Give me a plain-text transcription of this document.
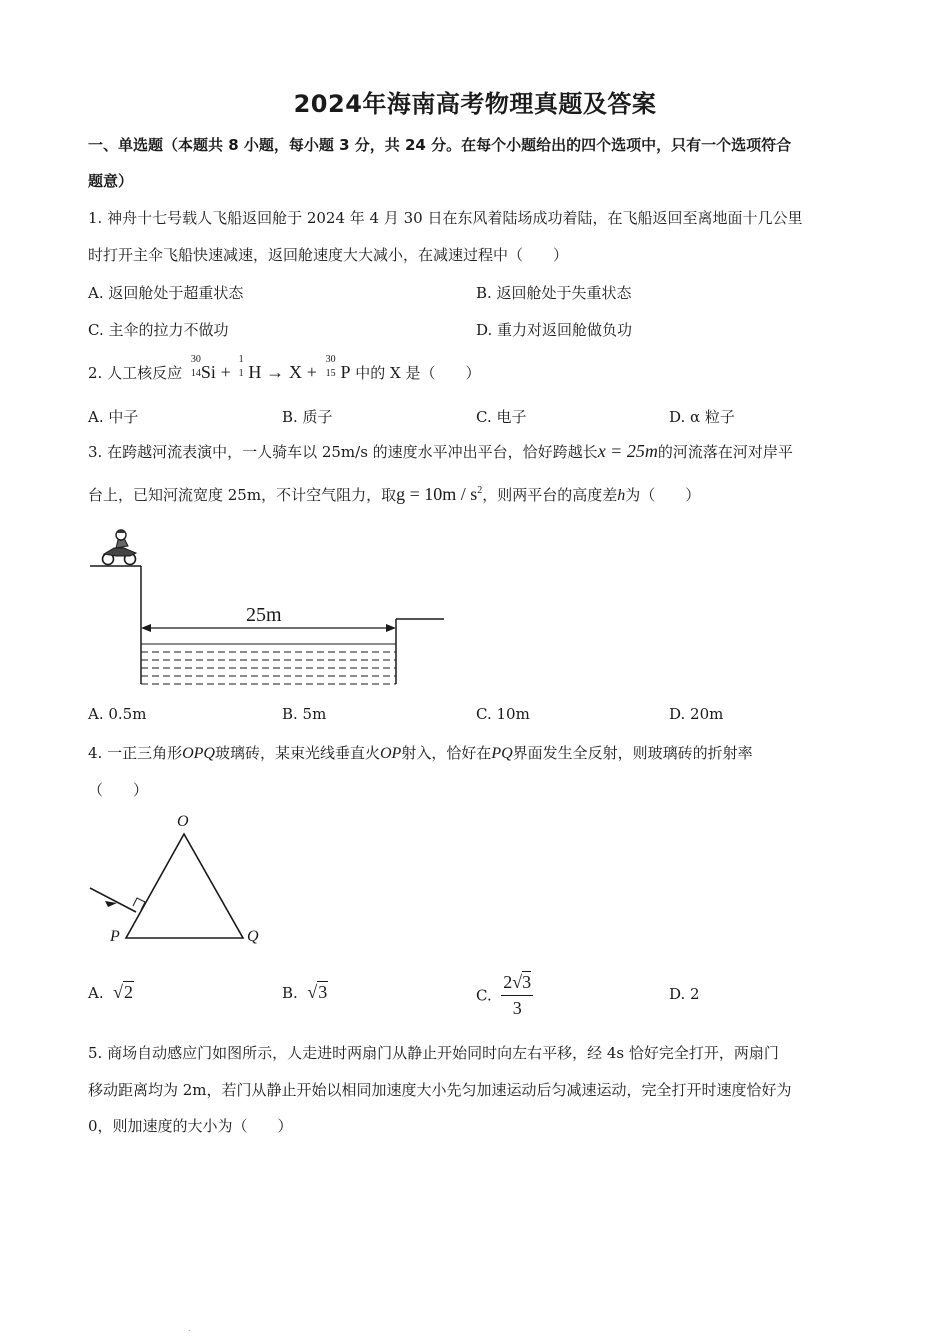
2024年海南高考物理真题及答案
一、单选题（本题共 8 小题，每小题 3 分，共 24 分。在每个小题给出的四个选项中，只有一个选项符合
题意）
1. 神舟十七号载人飞船返回舱于 2024 年 4 月 30 日在东风着陆场成功着陆，在飞船返回至离地面十几公里
时打开主伞飞船快速减速，返回舱速度大大减小，在减速过程中（　　）
A. 返回舱处于超重状态	B. 返回舱处于失重状态
C. 主伞的拉力不做功	D. 重力对返回舱做负功
2. 人工核反应
30
14 Si +
1
1 H → X +
30
15 P 中的 X 是（　　）
A. 中子	B. 质子	C. 电子	D. α 粒子
3. 在跨越河流表演中，一人骑车以 25m/s 的速度水平冲出平台，恰好跨越长x = 25m的河流落在河对岸平
台上，已知河流宽度 25m，不计空气阻力，取$g = 10m / s^2$，则两平台的高度差h为（　　）
25m
A. 0.5m	B. 5m	C. 10m	D. 20m
4. 一正三角形OPQ玻璃砖，某束光线垂直火OP射入，恰好在PQ界面发生全反射，则玻璃砖的折射率
（　　）
O
P	Q
A. √2	B. √3	C. $\frac{2√3}{3}$	D. 2
5. 商场自动感应门如图所示，人走进时两扇门从静止开始同时向左右平移，经 4s 恰好完全打开，两扇门
移动距离均为 2m，若门从静止开始以相同加速度大小先匀加速运动后匀减速运动，完全打开时速度恰好为
0，则加速度的大小为（　　）
.
